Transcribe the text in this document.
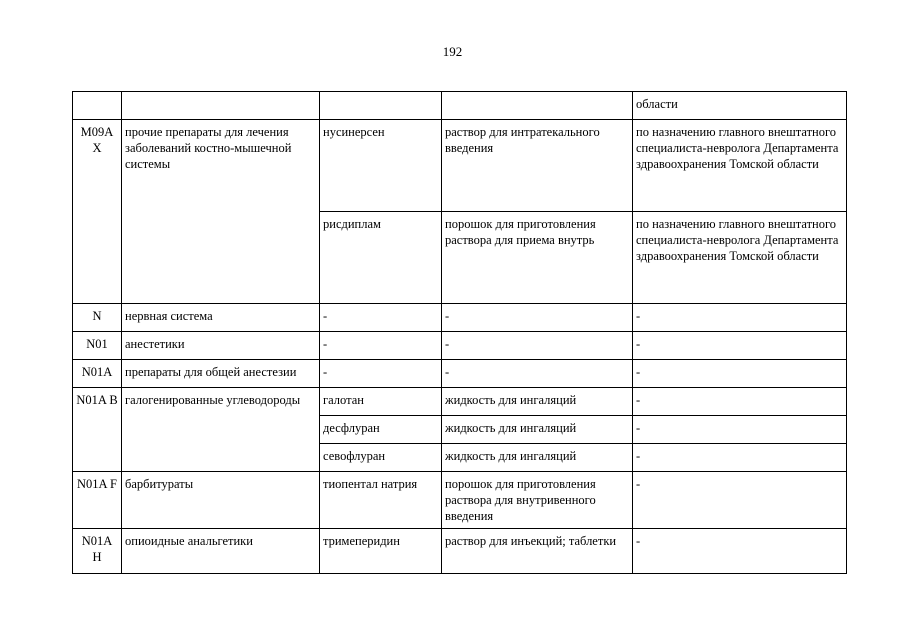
192
				области
M09A X	прочие препараты для лечения заболеваний костно-мышечной системы	нусинерсен	раствор для интратекального введения	по назначению главного внештатного специалиста-невролога Департамента здравоохранения Томской области
		рисдиплам	порошок для приготовления раствора для приема внутрь	по назначению главного внештатного специалиста-невролога Департамента здравоохранения Томской области
N	нервная система	-	-	-
N01	анестетики	-	-	-
N01A	препараты для общей анестезии	-	-	-
N01A B	галогенированные углеводороды	галотан	жидкость для ингаляций	-
		десфлуран	жидкость для ингаляций	-
		севофлуран	жидкость для ингаляций	-
N01A F	барбитураты	тиопентал натрия	порошок для приготовления раствора для внутривенного введения	-
N01A H	опиоидные анальгетики	тримеперидин	раствор для инъекций; таблетки	-
